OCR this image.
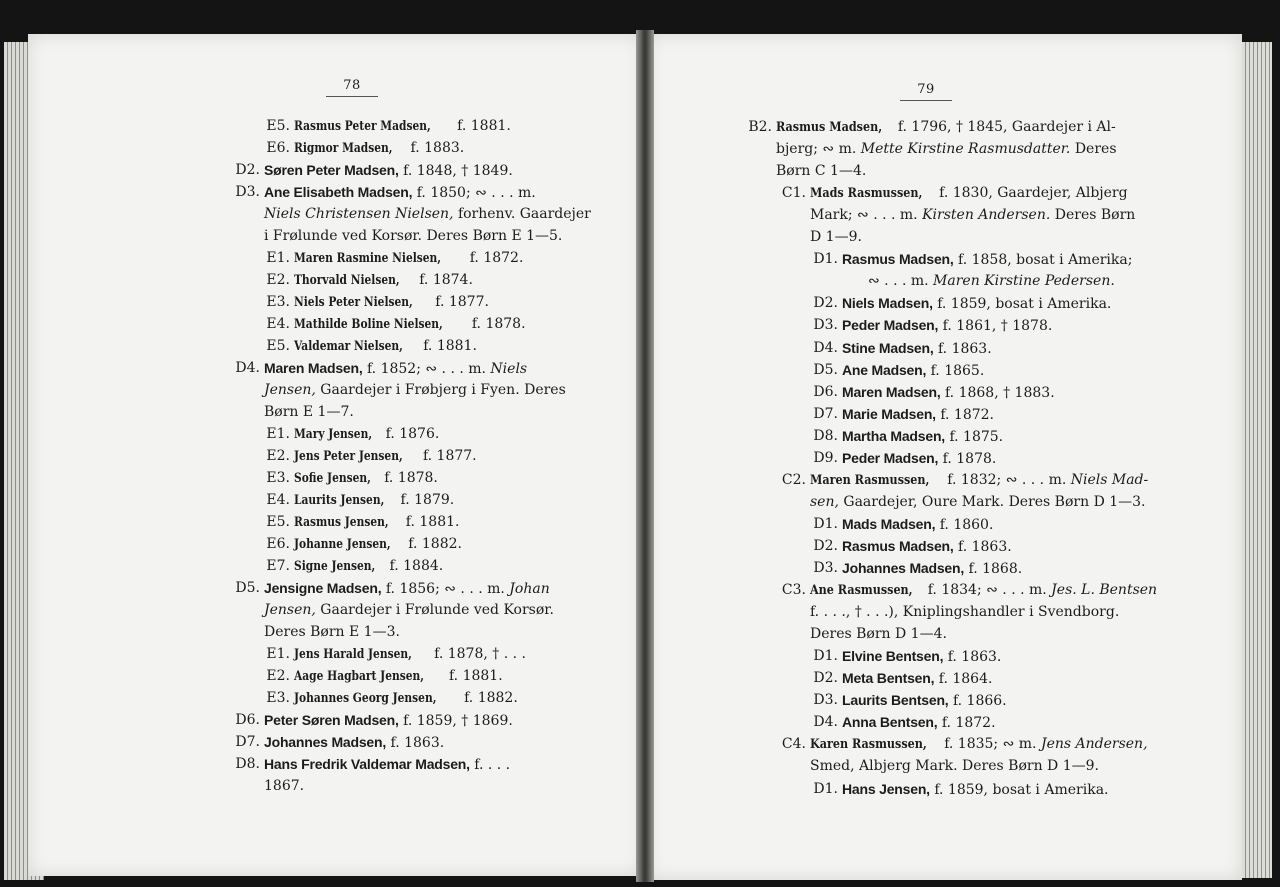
78	79
E5. Rasmus Peter Madsen, f. 1881.
E6. Rigmor Madsen, f. 1883.
D2. Søren Peter Madsen, f. 1848, † 1849.
D3. Ane Elisabeth Madsen, f. 1850; ∾ . . . m.
Niels Christensen Nielsen, forhenv. Gaardejer
i Frølunde ved Korsør. Deres Børn E 1—5.
E1. Maren Rasmine Nielsen, f. 1872.
E2. Thorvald Nielsen, f. 1874.
E3. Niels Peter Nielsen, f. 1877.
E4. Mathilde Boline Nielsen, f. 1878.
E5. Valdemar Nielsen, f. 1881.
D4. Maren Madsen, f. 1852; ∾ . . . m. Niels
Jensen, Gaardejer i Frøbjerg i Fyen. Deres
Børn E 1—7.
E1. Mary Jensen, f. 1876.
E2. Jens Peter Jensen, f. 1877.
E3. Sofie Jensen, f. 1878.
E4. Laurits Jensen, f. 1879.
E5. Rasmus Jensen, f. 1881.
E6. Johanne Jensen, f. 1882.
E7. Signe Jensen, f. 1884.
D5. Jensigne Madsen, f. 1856; ∾ . . . m. Johan
Jensen, Gaardejer i Frølunde ved Korsør.
Deres Børn E 1—3.
E1. Jens Harald Jensen, f. 1878, † . . .
E2. Aage Hagbart Jensen, f. 1881.
E3. Johannes Georg Jensen, f. 1882.
D6. Peter Søren Madsen, f. 1859, † 1869.
D7. Johannes Madsen, f. 1863.
D8. Hans Fredrik Valdemar Madsen, f. . . .
1867.
B2. Rasmus Madsen, f. 1796, † 1845, Gaardejer i Al-
bjerg; ∾ m. Mette Kirstine Rasmusdatter. Deres
Børn C 1—4.
C1. Mads Rasmussen, f. 1830, Gaardejer, Albjerg
Mark; ∾ . . . m. Kirsten Andersen. Deres Børn
D 1—9.
D1. Rasmus Madsen, f. 1858, bosat i Amerika;
∾ . . . m. Maren Kirstine Pedersen.
D2. Niels Madsen, f. 1859, bosat i Amerika.
D3. Peder Madsen, f. 1861, † 1878.
D4. Stine Madsen, f. 1863.
D5. Ane Madsen, f. 1865.
D6. Maren Madsen, f. 1868, † 1883.
D7. Marie Madsen, f. 1872.
D8. Martha Madsen, f. 1875.
D9. Peder Madsen, f. 1878.
C2. Maren Rasmussen, f. 1832; ∾ . . . m. Niels Mad-
sen, Gaardejer, Oure Mark. Deres Børn D 1—3.
D1. Mads Madsen, f. 1860.
D2. Rasmus Madsen, f. 1863.
D3. Johannes Madsen, f. 1868.
C3. Ane Rasmussen, f. 1834; ∾ . . . m. Jes. L. Bentsen
f. . . ., † . . .), Kniplingshandler i Svendborg.
Deres Børn D 1—4.
D1. Elvine Bentsen, f. 1863.
D2. Meta Bentsen, f. 1864.
D3. Laurits Bentsen, f. 1866.
D4. Anna Bentsen, f. 1872.
C4. Karen Rasmussen, f. 1835; ∾ m. Jens Andersen,
Smed, Albjerg Mark. Deres Børn D 1—9.
D1. Hans Jensen, f. 1859, bosat i Amerika.
